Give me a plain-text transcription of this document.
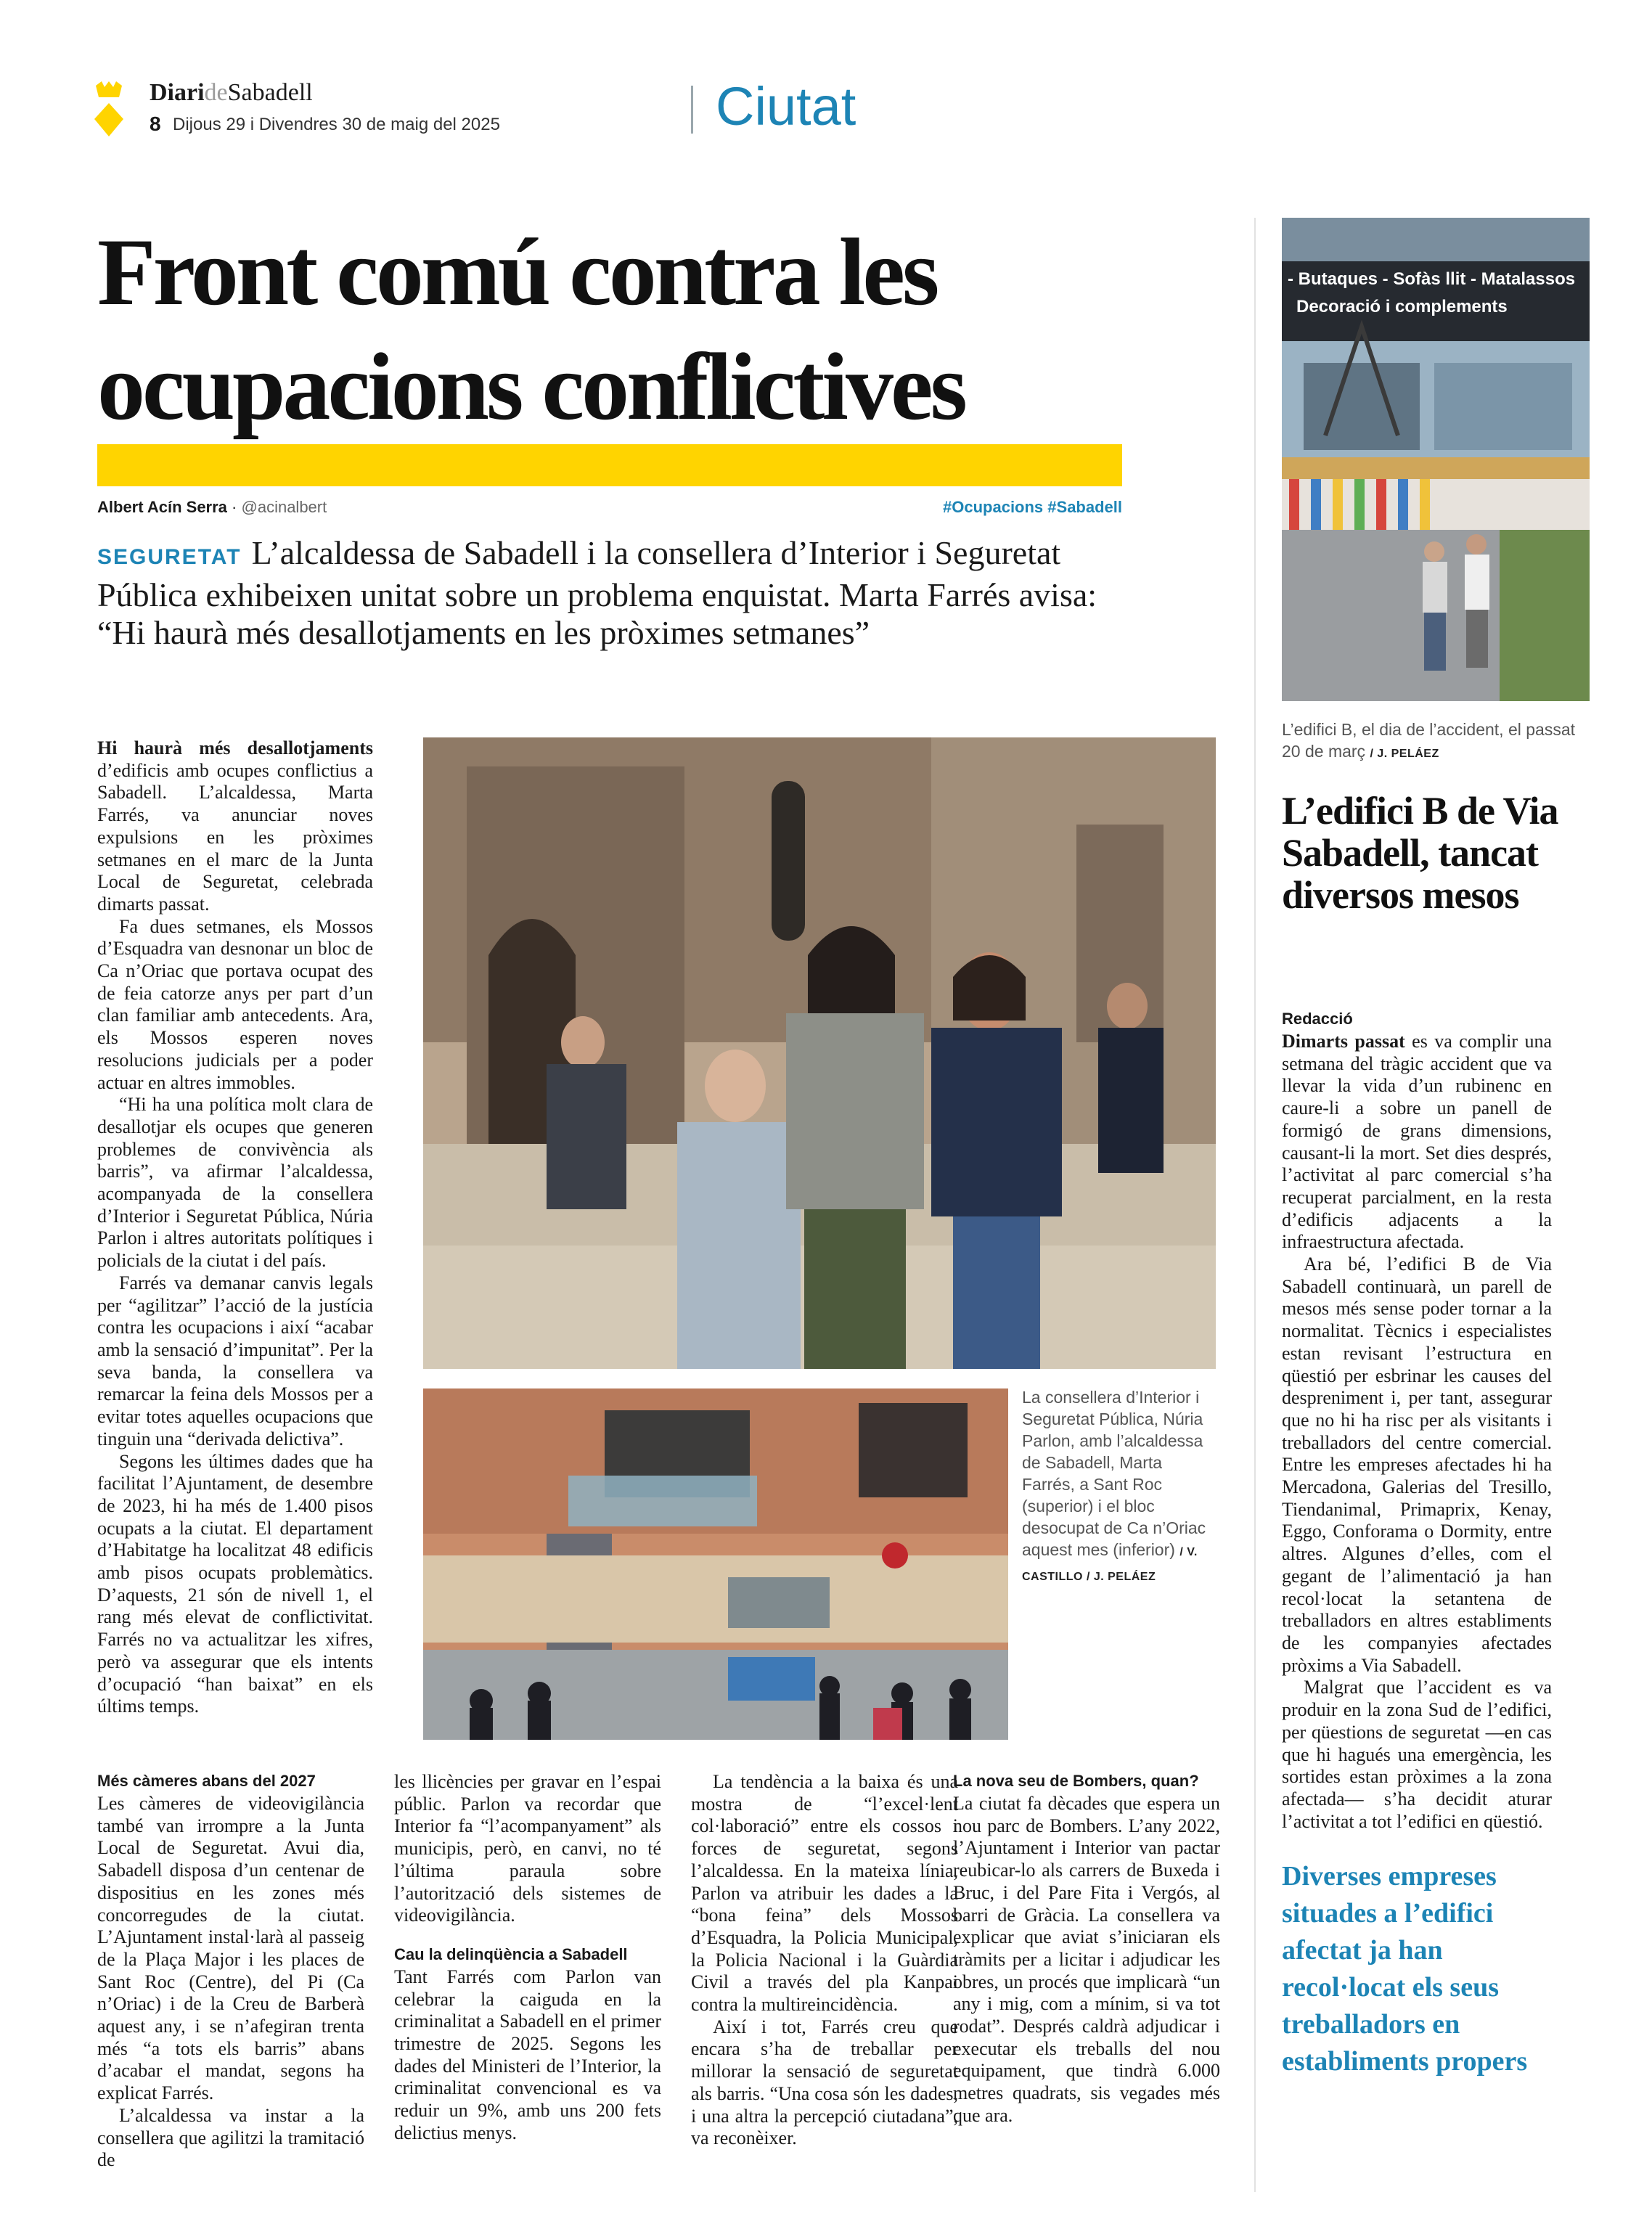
DiarideSabadell
8 Dijous 29 i Divendres 30 de maig del 2025	Ciutat
Front comú contra les
ocupacions conflictives
Albert Acín Serra · @acinalbert	#Ocupacions #Sabadell
SEGURETAT L’alcaldessa de Sabadell i la consellera d’Interior i Seguretat Pública exhibeixen unitat sobre un problema enquistat. Marta Farrés avisa: “Hi haurà més desallotjaments en les pròximes setmanes”

Hi haurà més desallotjaments d’edificis amb ocupes conflictius a Sabadell. L’alcaldessa, Marta Farrés, va anunciar noves expulsions en les pròximes setmanes en el marc de la Junta Local de Seguretat, celebrada dimarts passat.

Fa dues setmanes, els Mossos d’Esquadra van desnonar un bloc de Ca n’Oriac que portava ocupat des de feia catorze anys per part d’un clan familiar amb antecedents. Ara, els Mossos esperen noves resolucions judicials per a poder actuar en altres immobles.

“Hi ha una política molt clara de desallotjar els ocupes que generen problemes de convivència als barris”, va afirmar l’alcaldessa, acompanyada de la consellera d’Interior i Seguretat Pública, Núria Parlon i altres autoritats polítiques i policials de la ciutat i del país.

Farrés va demanar canvis legals per “agilitzar” l’acció de la justícia contra les ocupacions i així “acabar amb la sensació d’impunitat”. Per la seva banda, la consellera va remarcar la feina dels Mossos per a evitar totes aquelles ocupacions que tinguin una “derivada delictiva”.

Segons les últimes dades que ha facilitat l’Ajuntament, de desembre de 2023, hi ha més de 1.400 pisos ocupats a la ciutat. El departament d’Habitatge ha localitzat 48 edificis amb pisos ocupats problemàtics. D’aquests, 21 són de nivell 1, el rang més elevat de conflictivitat. Farrés no va actualitzar les xifres, però va assegurar que els intents d’ocupació “han baixat” en els últims temps.

La consellera d’Interior i Seguretat Pública, Núria Parlon, amb l’alcaldessa de Sabadell, Marta Farrés, a Sant Roc (superior) i el bloc desocupat de Ca n’Oriac aquest mes (inferior) / V. CASTILLO / J. PELÁEZ
Més càmeres abans del 2027

Les càmeres de videovigilància també van irrompre a la Junta Local de Seguretat. Avui dia, Sabadell disposa d’un centenar de dispositius en les zones més concorregudes de la ciutat. L’Ajuntament instal·larà al passeig de la Plaça Major i les places de Sant Roc (Centre), del Pi (Ca n’Oriac) i de la Creu de Barberà aquest any, i se n’afegiran trenta més “a tots els barris” abans d’acabar el mandat, segons ha explicat Farrés.

L’alcaldessa va instar a la consellera que agilitzi la tramitació de

les llicències per gravar en l’espai públic. Parlon va recordar que Interior fa “l’acompanyament” als municipis, però, en canvi, no té l’última paraula sobre l’autorització dels sistemes de videovigilància.

Cau la delinqüència a Sabadell

Tant Farrés com Parlon van celebrar la caiguda en la criminalitat a Sabadell en el primer trimestre de 2025. Segons les dades del Ministeri de l’Interior, la criminalitat convencional es va reduir un 9%, amb uns 200 fets delictius menys.

La tendència a la baixa és una mostra de “l’excel·lent col·laboració” entre els cossos i forces de seguretat, segons l’alcaldessa. En la mateixa línia, Parlon va atribuir les dades a la “bona feina” dels Mossos d’Esquadra, la Policia Municipal, la Policia Nacional i la Guàrdia Civil a través del pla Kanpai contra la multireincidència.

Així i tot, Farrés creu que encara s’ha de treballar per millorar la sensació de seguretat als barris. “Una cosa són les dades, i una altra la percepció ciutadana”, va reconèixer.

La nova seu de Bombers, quan?

La ciutat fa dècades que espera un nou parc de Bombers. L’any 2022, l’Ajuntament i Interior van pactar reubicar-lo als carrers de Buxeda i Bruc, i del Pare Fita i Vergós, al barri de Gràcia. La consellera va explicar que aviat s’iniciaran els tràmits per a licitar i adjudicar les obres, un procés que implicarà “un any i mig, com a mínim, si va tot rodat”. Després caldrà adjudicar i executar els treballs del nou equipament, que tindrà 6.000 metres quadrats, sis vegades més que ara.

- Butaques - Sofàs llit - Matalassos
Decoració i complements
L’edifici B, el dia de l’accident, el passat 20 de març / J. PELÁEZ
L’edifici B de Via Sabadell, tancat diversos mesos
Redacció

Dimarts passat es va complir una setmana del tràgic accident que va llevar la vida d’un rubinenc en caure-li a sobre un panell de formigó de grans dimensions, causant-li la mort. Set dies després, l’activitat al parc comercial s’ha recuperat parcialment, en la resta d’edificis adjacents a la infraestructura afectada.

Ara bé, l’edifici B de Via Sabadell continuarà, un parell de mesos més sense poder tornar a la normalitat. Tècnics i especialistes estan revisant l’estructura en qüestió per esbrinar les causes del despreniment i, per tant, assegurar que no hi ha risc per als visitants i treballadors del centre comercial. Entre les empreses afectades hi ha Mercadona, Galerias del Tresillo, Tiendanimal, Primaprix, Kenay, Eggo, Conforama o Dormity, entre altres. Algunes d’elles, com el gegant de l’alimentació ja han recol·locat la setantena de treballadors en altres establiments de les companyies afectades pròxims a Via Sabadell.

Malgrat que l’accident es va produir en la zona Sud de l’edifici, per qüestions de seguretat —en cas que hi hagués una emergència, les sortides estan pròximes a la zona afectada— s’ha decidit aturar l’activitat a tot l’edifici en qüestió.

Diverses empreses situades a l’edifici afectat ja han recol·locat els seus treballadors en establiments propers
